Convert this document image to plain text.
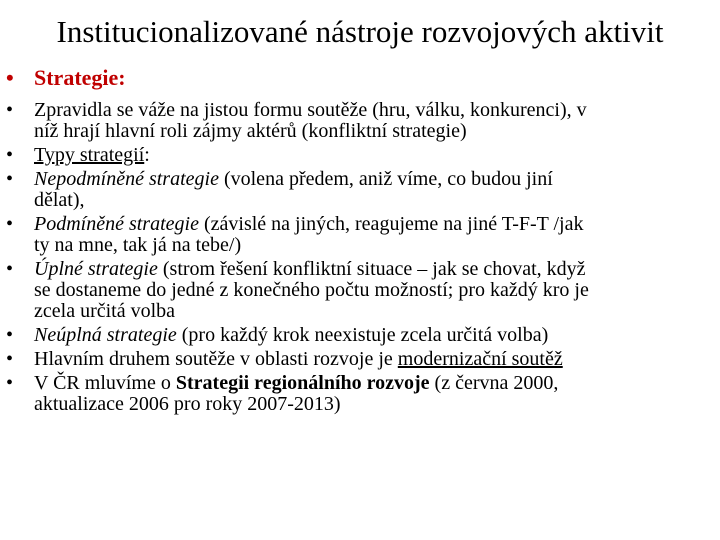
Institucionalizované nástroje rozvojových aktivit
• Strategie:
• Zpravidla se váže na jistou formu soutěže (hru, válku, konkurenci), v
níž hrají hlavní roli zájmy aktérů (konfliktní strategie)
• Typy strategií:
• Nepodmíněné strategie (volena předem, aniž víme, co budou jiní
dělat),
• Podmíněné strategie (závislé na jiných, reagujeme na jiné T-F-T /jak
ty na mne, tak já na tebe/)
• Úplné strategie (strom řešení konfliktní situace – jak se chovat, když
se dostaneme do jedné z konečného počtu možností; pro každý kro je
zcela určitá volba
• Neúplná strategie (pro každý krok neexistuje zcela určitá volba)
• Hlavním druhem soutěže v oblasti rozvoje je modernizační soutěž
• V ČR mluvíme o Strategii regionálního rozvoje (z června 2000,
aktualizace 2006 pro roky 2007-2013)
